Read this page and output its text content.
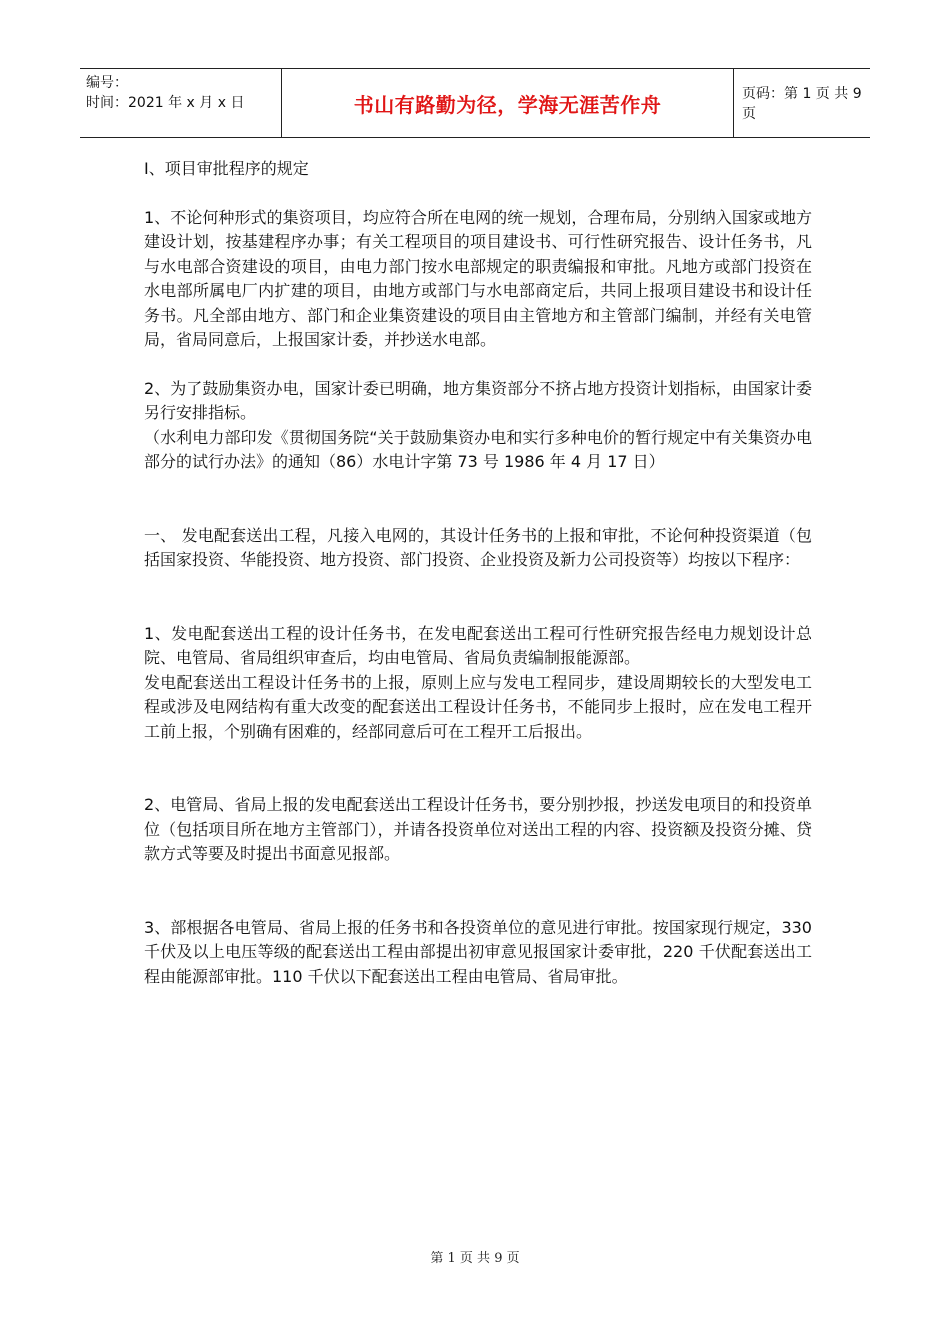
编号：
时间：2021 年 x 月 x 日	书山有路勤为径，学海无涯苦作舟	页码：第 1 页 共 9 页

I、项目审批程序的规定

1、不论何种形式的集资项目，均应符合所在电网的统一规划，合理布局，分别纳入国家或地方建设计划，按基建程序办事；有关工程项目的项目建设书、可行性研究报告、设计任务书，凡与水电部合资建设的项目，由电力部门按水电部规定的职责编报和审批。凡地方或部门投资在水电部所属电厂内扩建的项目，由地方或部门与水电部商定后，共同上报项目建设书和设计任务书。凡全部由地方、部门和企业集资建设的项目由主管地方和主管部门编制，并经有关电管局，省局同意后，上报国家计委，并抄送水电部。

2、为了鼓励集资办电，国家计委已明确，地方集资部分不挤占地方投资计划指标，由国家计委另行安排指标。

（水利电力部印发《贯彻国务院“关于鼓励集资办电和实行多种电价的暂行规定中有关集资办电部分的试行办法》的通知（86）水电计字第 73 号 1986 年 4 月 17 日）

一、 发电配套送出工程，凡接入电网的，其设计任务书的上报和审批，不论何种投资渠道（包括国家投资、华能投资、地方投资、部门投资、企业投资及新力公司投资等）均按以下程序：

1、发电配套送出工程的设计任务书，在发电配套送出工程可行性研究报告经电力规划设计总院、电管局、省局组织审查后，均由电管局、省局负责编制报能源部。

发电配套送出工程设计任务书的上报，原则上应与发电工程同步，建设周期较长的大型发电工程或涉及电网结构有重大改变的配套送出工程设计任务书，不能同步上报时，应在发电工程开工前上报，个别确有困难的，经部同意后可在工程开工后报出。

2、电管局、省局上报的发电配套送出工程设计任务书，要分别抄报，抄送发电项目的和投资单位（包括项目所在地方主管部门），并请各投资单位对送出工程的内容、投资额及投资分摊、贷款方式等要及时提出书面意见报部。

3、部根据各电管局、省局上报的任务书和各投资单位的意见进行审批。按国家现行规定，330 千伏及以上电压等级的配套送出工程由部提出初审意见报国家计委审批，220 千伏配套送出工程由能源部审批。110 千伏以下配套送出工程由电管局、省局审批。

第 1 页 共 9 页
